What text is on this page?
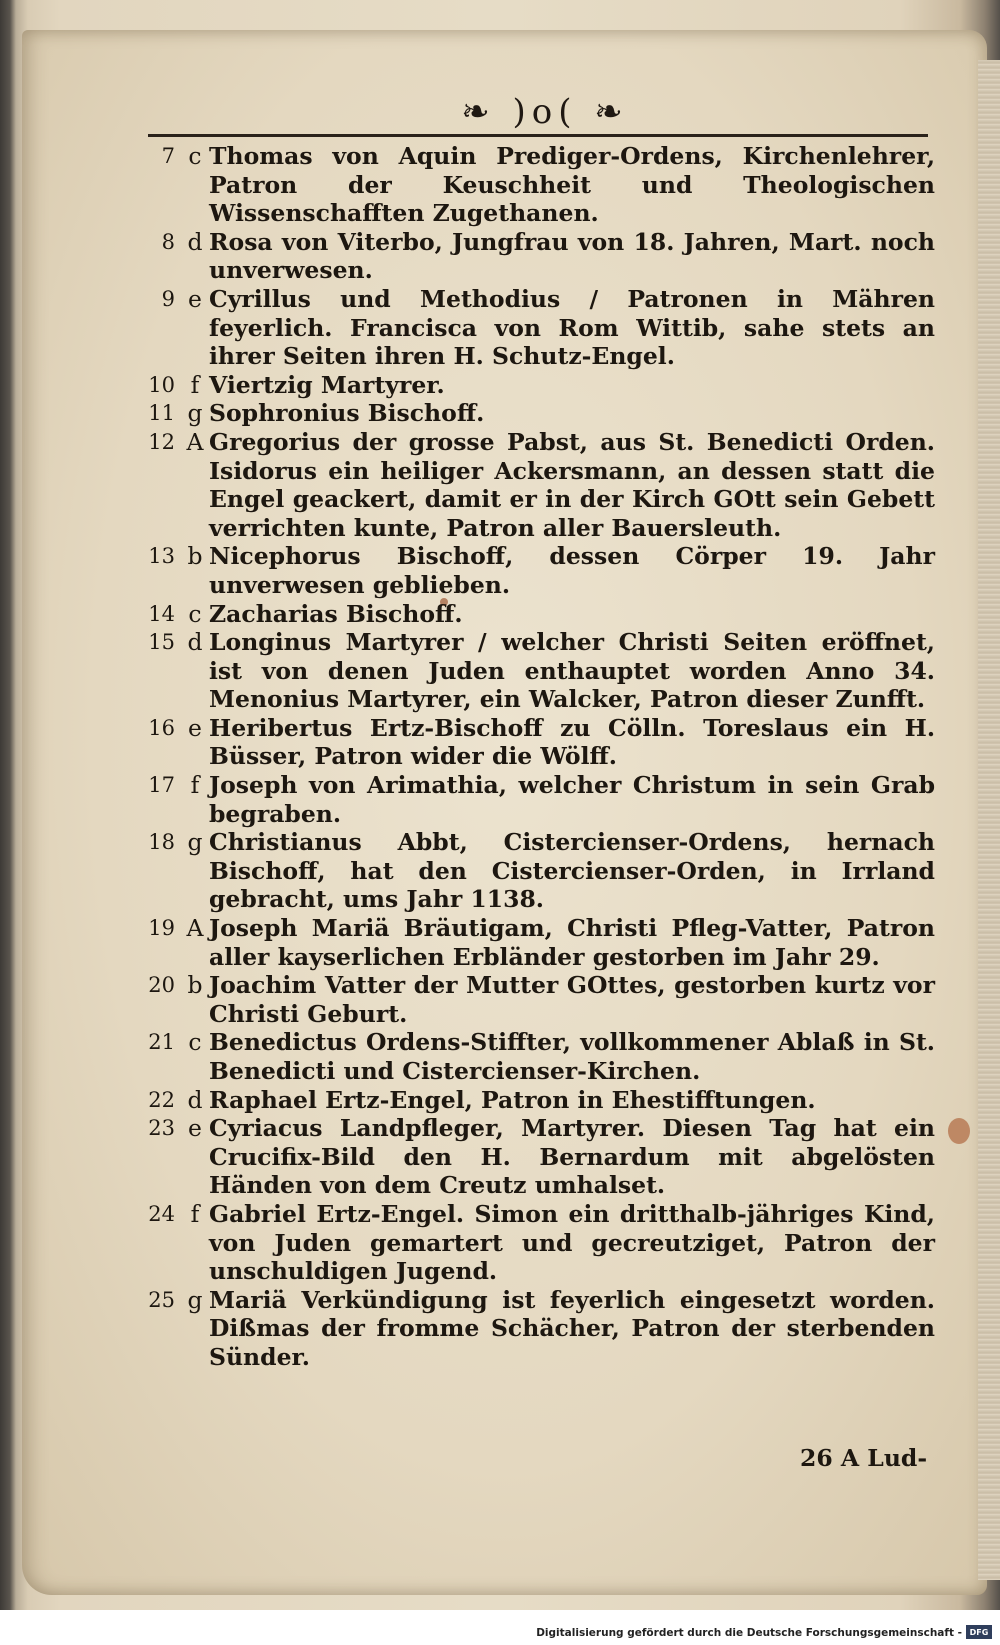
❧ )o( ❧
7 c Thomas von Aquin Prediger-Ordens, Kirchenlehrer, Patron der Keuschheit und Theologischen Wissenschafften Zugethanen.
8 d Rosa von Viterbo, Jungfrau von 18. Jahren, Mart. noch unverwesen.
9 e Cyrillus und Methodius / Patronen in Mähren feyerlich. Francisca von Rom Wittib, sahe stets an ihrer Seiten ihren H. Schutz-Engel.
10 f Viertzig Martyrer.
11 g Sophronius Bischoff.
12 A Gregorius der grosse Pabst, aus St. Benedicti Orden. Isidorus ein heiliger Ackersmann, an dessen statt die Engel geackert, damit er in der Kirch GOtt sein Gebett verrichten kunte, Patron aller Bauersleuth.
13 b Nicephorus Bischoff, dessen Cörper 19. Jahr unverwesen geblieben.
14 c Zacharias Bischoff.
15 d Longinus Martyrer / welcher Christi Seiten eröffnet, ist von denen Juden enthauptet worden Anno 34. Menonius Martyrer, ein Walcker, Patron dieser Zunfft.
16 e Heribertus Ertz-Bischoff zu Cölln. Toreslaus ein H. Büsser, Patron wider die Wölff.
17 f Joseph von Arimathia, welcher Christum in sein Grab begraben.
18 g Christianus Abbt, Cistercienser-Ordens, hernach Bischoff, hat den Cistercienser-Orden, in Irrland gebracht, ums Jahr 1138.
19 A Joseph Mariä Bräutigam, Christi Pfleg-Vatter, Patron aller kayserlichen Erbländer gestorben im Jahr 29.
20 b Joachim Vatter der Mutter GOttes, gestorben kurtz vor Christi Geburt.
21 c Benedictus Ordens-Stiffter, vollkommener Ablaß in St. Benedicti und Cistercienser-Kirchen.
22 d Raphael Ertz-Engel, Patron in Ehestifftungen.
23 e Cyriacus Landpfleger, Martyrer. Diesen Tag hat ein Crucifix-Bild den H. Bernardum mit abgelösten Händen von dem Creutz umhalset.
24 f Gabriel Ertz-Engel. Simon ein dritthalb-jähriges Kind, von Juden gemartert und gecreutziget, Patron der unschuldigen Jugend.
25 g Mariä Verkündigung ist feyerlich eingesetzt worden. Dißmas der fromme Schächer, Patron der sterbenden Sünder.
26 A Lud-
Digitalisierung gefördert durch die Deutsche Forschungsgemeinschaft - DFG
